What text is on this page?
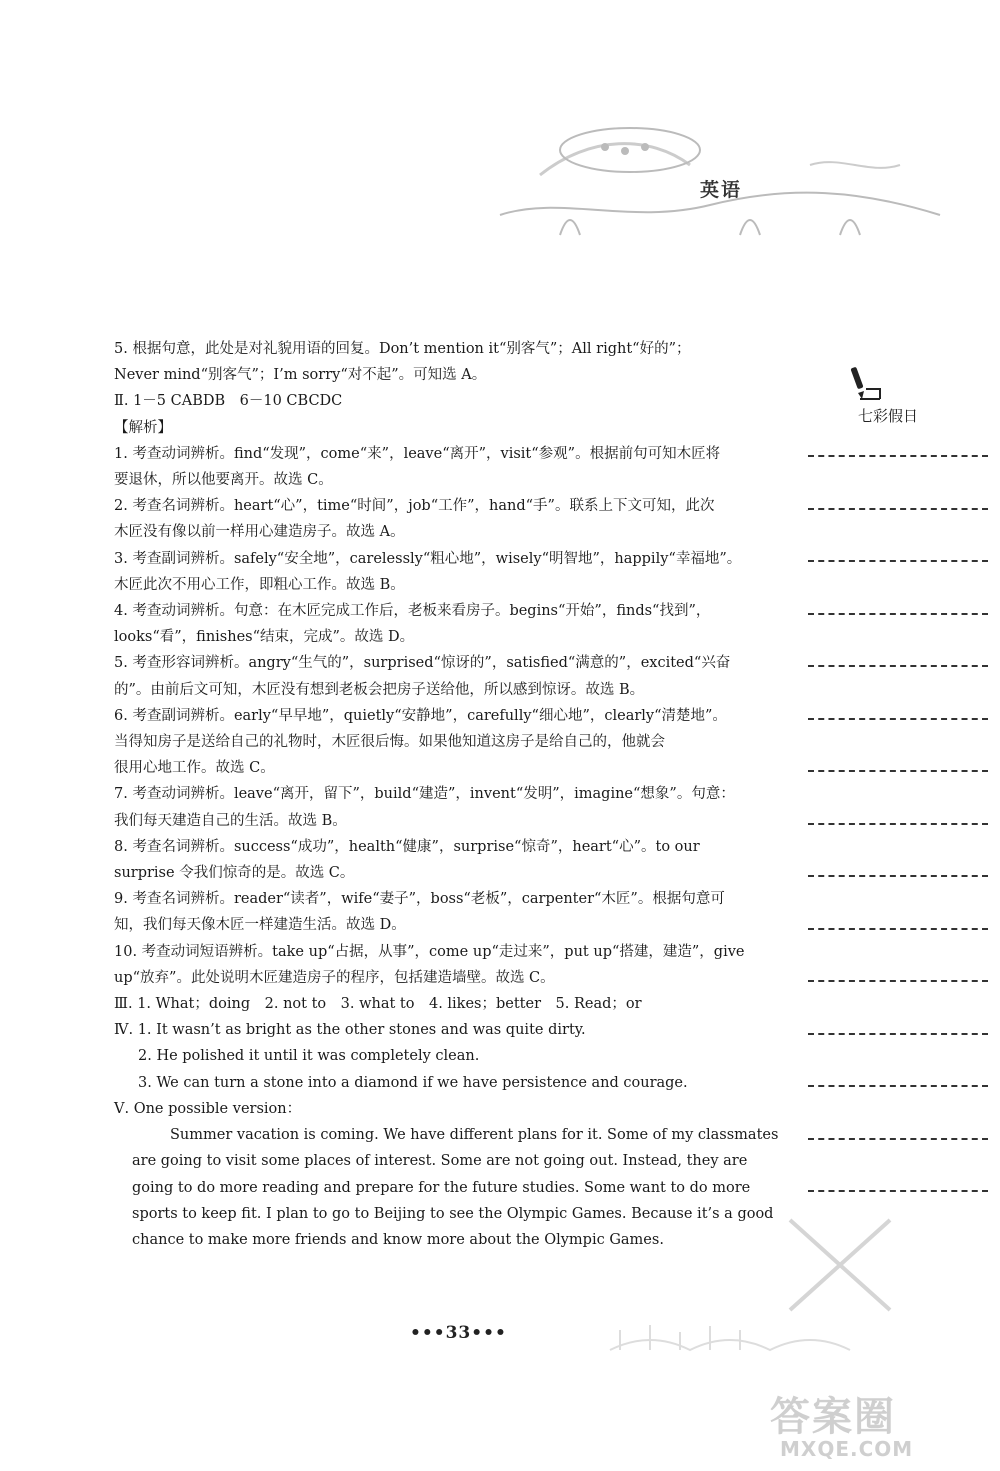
英语
七彩假日

5. 根据句意，此处是对礼貌用语的回复。Don’t mention it“别客气”；All right“好的”；

Never mind“别客气”；I’m sorry“对不起”。可知选 A。

Ⅱ. 1－5 CABDB　6－10 CBCDC

【解析】

1. 考查动词辨析。find“发现”，come“来”，leave“离开”，visit“参观”。根据前句可知木匠将

要退休，所以他要离开。故选 C。

2. 考查名词辨析。heart“心”，time“时间”，job“工作”，hand“手”。联系上下文可知，此次

木匠没有像以前一样用心建造房子。故选 A。

3. 考查副词辨析。safely“安全地”，carelessly“粗心地”，wisely“明智地”，happily“幸福地”。

木匠此次不用心工作，即粗心工作。故选 B。

4. 考查动词辨析。句意：在木匠完成工作后，老板来看房子。begins“开始”，finds“找到”，

looks“看”，finishes“结束，完成”。故选 D。

5. 考查形容词辨析。angry“生气的”，surprised“惊讶的”，satisfied“满意的”，excited“兴奋

的”。由前后文可知，木匠没有想到老板会把房子送给他，所以感到惊讶。故选 B。

6. 考查副词辨析。early“早早地”，quietly“安静地”，carefully“细心地”，clearly“清楚地”。

当得知房子是送给自己的礼物时，木匠很后悔。如果他知道这房子是给自己的，他就会

很用心地工作。故选 C。

7. 考查动词辨析。leave“离开，留下”，build“建造”，invent“发明”，imagine“想象”。句意：

我们每天建造自己的生活。故选 B。

8. 考查名词辨析。success“成功”，health“健康”，surprise“惊奇”，heart“心”。to our

surprise 令我们惊奇的是。故选 C。

9. 考查名词辨析。reader“读者”，wife“妻子”，boss“老板”，carpenter“木匠”。根据句意可

知，我们每天像木匠一样建造生活。故选 D。

10. 考查动词短语辨析。take up“占据，从事”，come up“走过来”，put up“搭建，建造”，give

up“放弃”。此处说明木匠建造房子的程序，包括建造墙壁。故选 C。

Ⅲ. 1. What；doing　2. not to　3. what to　4. likes；better　5. Read；or

Ⅳ. 1. It wasn’t as bright as the other stones and was quite dirty.

2. He polished it until it was completely clean.

3. We can turn a stone into a diamond if we have persistence and courage.

Ⅴ. One possible version：

Summer vacation is coming. We have different plans for it. Some of my classmates

are going to visit some places of interest. Some are not going out. Instead, they are

going to do more reading and prepare for the future studies. Some want to do more

sports to keep fit. I plan to go to Beijing to see the Olympic Games. Because it’s a good

chance to make more friends and know more about the Olympic Games.

•••33•••
答案圈
MXQE.COM
